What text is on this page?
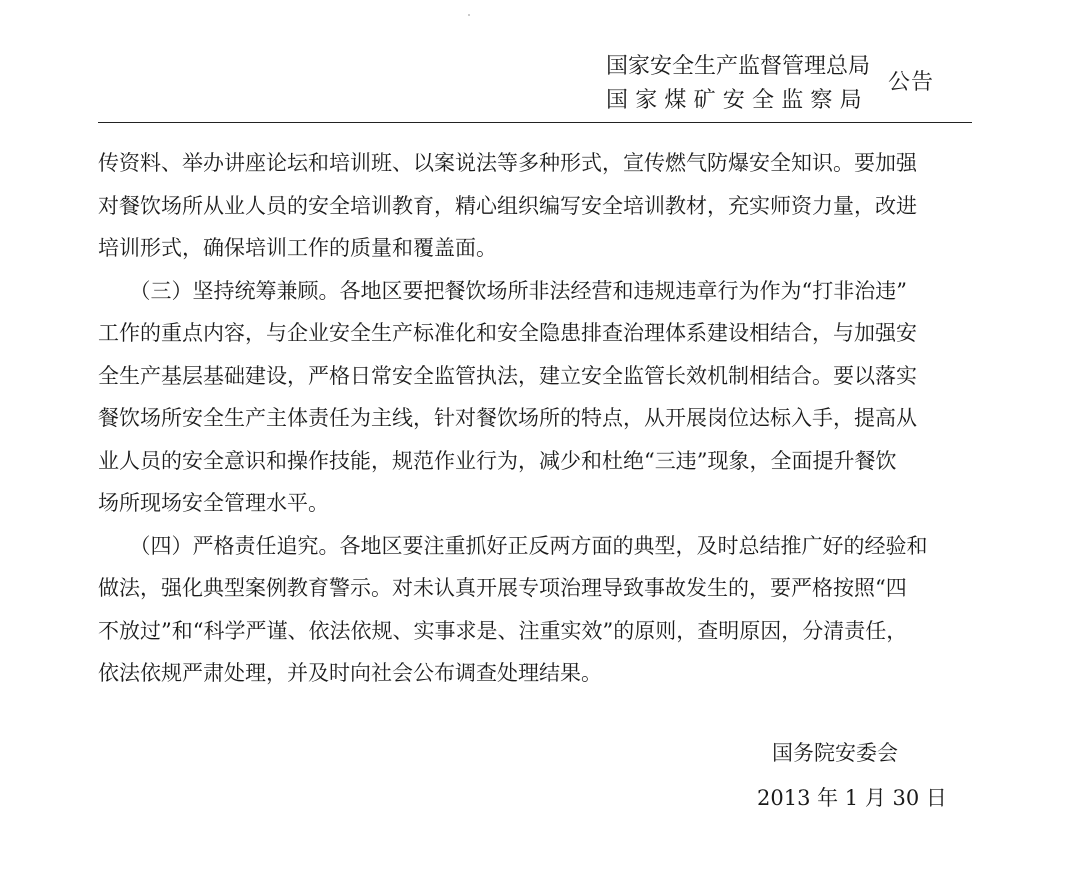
国家安全生产监督管理总局
国家煤矿安全监察局
公告
传资料、举办讲座论坛和培训班、以案说法等多种形式，宣传燃气防爆安全知识。要加强
对餐饮场所从业人员的安全培训教育，精心组织编写安全培训教材，充实师资力量，改进
培训形式，确保培训工作的质量和覆盖面。
　　（三）坚持统筹兼顾。各地区要把餐饮场所非法经营和违规违章行为作为“打非治违”
工作的重点内容，与企业安全生产标准化和安全隐患排查治理体系建设相结合，与加强安
全生产基层基础建设，严格日常安全监管执法，建立安全监管长效机制相结合。要以落实
餐饮场所安全生产主体责任为主线，针对餐饮场所的特点，从开展岗位达标入手，提高从
业人员的安全意识和操作技能，规范作业行为，减少和杜绝“三违”现象，全面提升餐饮
场所现场安全管理水平。
　　（四）严格责任追究。各地区要注重抓好正反两方面的典型，及时总结推广好的经验和
做法，强化典型案例教育警示。对未认真开展专项治理导致事故发生的，要严格按照“四
不放过”和“科学严谨、依法依规、实事求是、注重实效”的原则，查明原因，分清责任，
依法依规严肃处理，并及时向社会公布调查处理结果。
国务院安委会
2013 年 1 月 30 日
